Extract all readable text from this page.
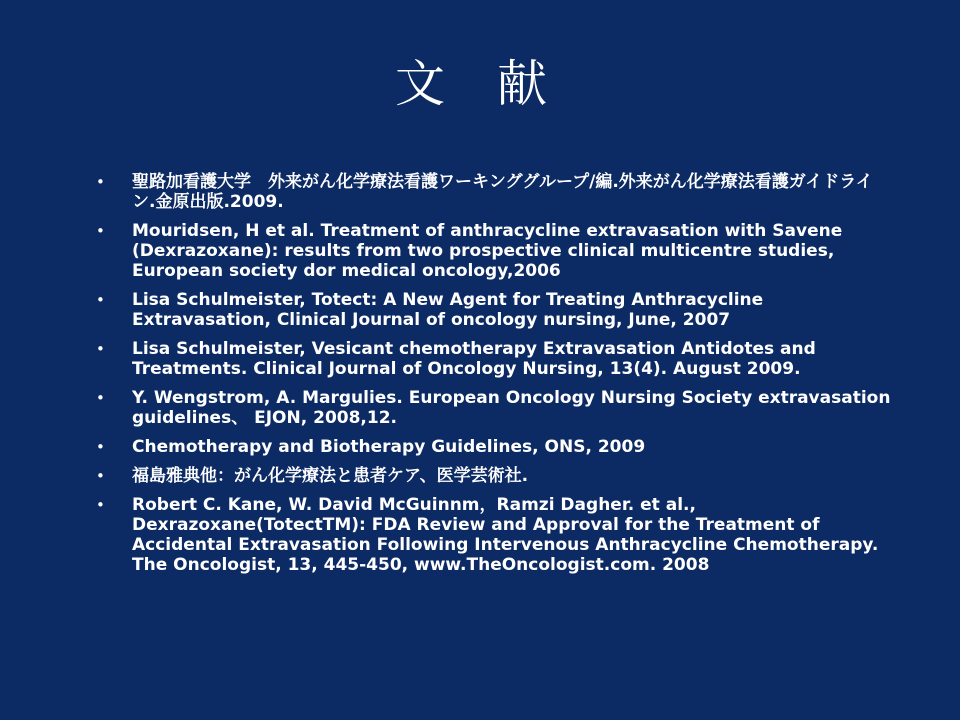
文 献
• 聖路加看護大学　外来がん化学療法看護ワーキンググループ/編.外来がん化学療法看護ガイドライン.金原出版.2009.
• Mouridsen, H et al. Treatment of anthracycline extravasation with Savene (Dexrazoxane): results from two prospective clinical multicentre studies, European society dor medical oncology,2006
• Lisa Schulmeister, Totect: A New Agent for Treating Anthracycline Extravasation, Clinical Journal of oncology nursing, June, 2007
• Lisa Schulmeister, Vesicant chemotherapy Extravasation Antidotes and Treatments. Clinical Journal of Oncology Nursing, 13(4). August 2009.
• Y. Wengstrom, A. Margulies. European Oncology Nursing Society extravasation guidelines、 EJON, 2008,12.
• Chemotherapy and Biotherapy Guidelines, ONS, 2009
• 福島雅典他：がん化学療法と患者ケア、医学芸術社.
• Robert C. Kane, W. David McGuinnm，Ramzi Dagher. et al., Dexrazoxane(TotectTM): FDA Review and Approval for the Treatment of Accidental Extravasation Following Intervenous Anthracycline Chemotherapy. The Oncologist, 13, 445-450, www.TheOncologist.com. 2008
